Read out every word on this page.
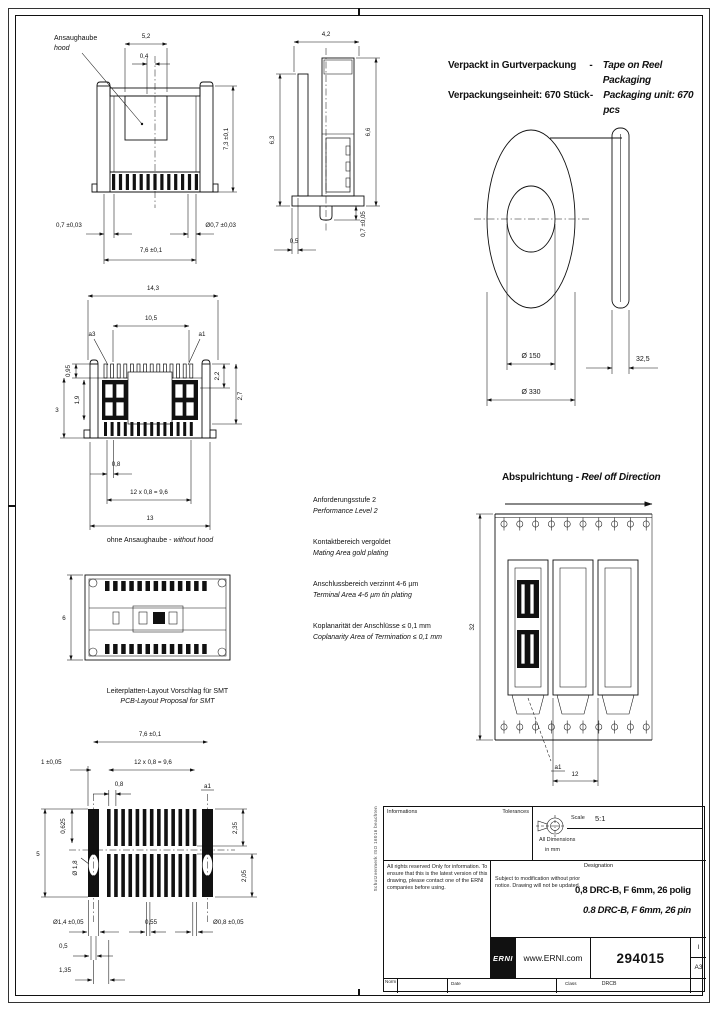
5,2
0,4
Ansaughaube
hood
0,7 ±0,03	Ø0,7 ±0,03
7,6 ±0,1
7,3 ±0,1
4,2
6,3
6,6
0,5
0,7 ±0,05
Verpackt in Gurtverpackung	-	Tape on Reel Packaging
Verpackungseinheit: 670 Stück -	Packaging unit: 670 pcs
Ø 150
Ø 330
32,5
14,3
10,5
a3	a1
0,95
3
1,9
2,2
2,7
0,8
12 x 0,8 = 9,6
13

Anforderungsstufe 2
Performance Level 2

Kontaktbereich vergoldet
Mating Area gold plating

Anschlussbereich verzinnt 4-6 µm
Terminal Area 4-6 µm tin plating

Koplanarität der Anschlüsse ≤ 0,1 mm
Coplanarity Area of Termination ≤ 0,1 mm

Abspulrichtung - Reel off Direction
32
a1
12
ohne Ansaughaube - without hood
6
Leiterplatten-Layout Vorschlag für SMT
PCB-Layout Proposal for SMT
7,6 ±0,1
1 ±0,05	12 x 0,8 = 9,6
0,8	a1
0,625
5
Ø 1,8
2,35
2,05
Ø1,4 ±0,05
0,5
1,35
0,55	Ø0,8 ±0,05
Schutzvermerk ISO 16016 beachten Informations	Tolerances
Scale 5:1
All Dimensions
in mm
All rights reserved Only for information. To ensure that this is the latest version of this drawing, please contact one of the ERNI companies before using.
Subject to modification without prior notice. Drawing will not be updated.
Designation
0,8 DRC-B, F 6mm, 26 polig
0.8 DRC-B, F 6mm, 26 pin
ERNI www.ERNI.com	294015
I
A3
Norm	Date	Class	DRCB
